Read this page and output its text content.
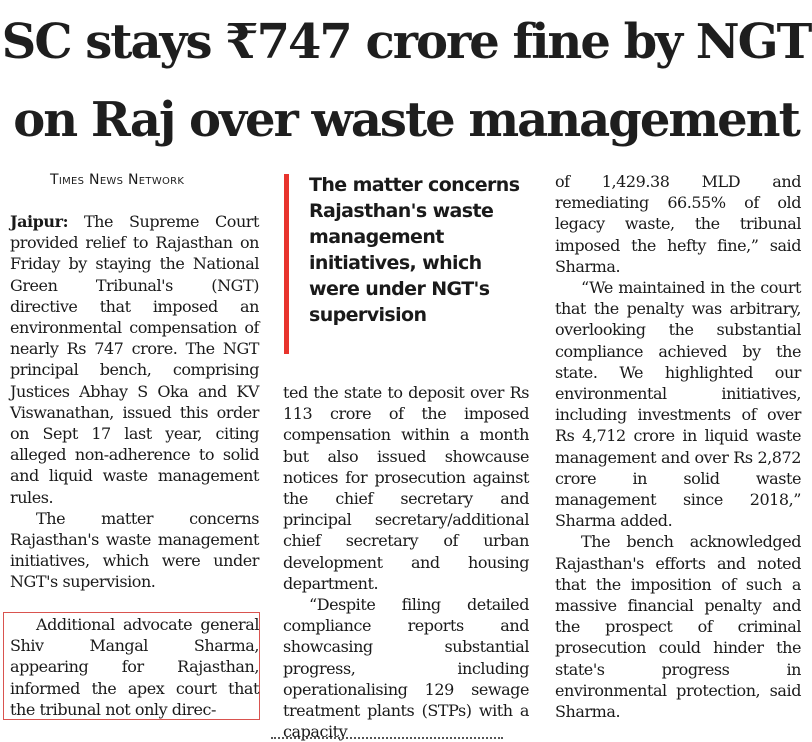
SC stays ₹747 crore fine by NGT
on Raj over waste management
Times News Network

Jaipur: The Supreme Court provided relief to Rajasthan on Friday by staying the National Green Tribunal's (NGT) directive that imposed an environmental compensation of nearly Rs 747 crore. The NGT principal bench, comprising Justices Abhay S Oka and KV Viswanathan, issued this order on Sept 17 last year, citing alleged non-adherence to solid and liquid waste management rules.

The matter concerns Rajasthan's waste management initiatives, which were under NGT's supervision.

Additional advocate general Shiv Mangal Sharma, appearing for Rajasthan, informed the apex court that the tribunal not only direc-

The matter concerns Rajasthan's waste management initiatives, which were under NGT's supervision

ted the state to deposit over Rs 113 crore of the imposed compensation within a month but also issued showcause notices for prosecution against the chief secretary and principal secretary/additional chief secretary of urban development and housing department.

“Despite filing detailed compliance reports and showcasing substantial progress, including operationalising 129 sewage treatment plants (STPs) with a capacity

of 1,429.38 MLD and remediating 66.55% of old legacy waste, the tribunal imposed the hefty fine,” said Sharma.

“We maintained in the court that the penalty was arbitrary, overlooking the substantial compliance achieved by the state. We highlighted our environmental initiatives, including investments of over Rs 4,712 crore in liquid waste management and over Rs 2,872 crore in solid waste management since 2018,” Sharma added.

The bench acknowledged Rajasthan's efforts and noted that the imposition of such a massive financial penalty and the prospect of criminal prosecution could hinder the state's progress in environmental protection, said Sharma.
